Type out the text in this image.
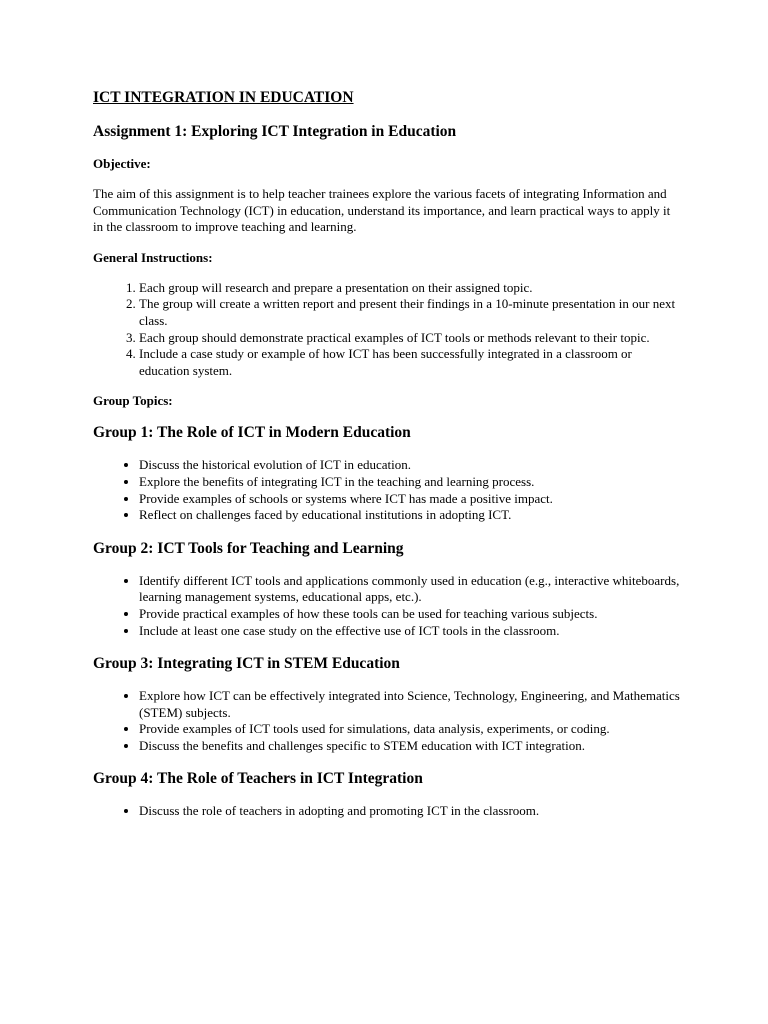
ICT INTEGRATION IN EDUCATION

Assignment 1: Exploring ICT Integration in Education

Objective:

The aim of this assignment is to help teacher trainees explore the various facets of integrating Information and Communication Technology (ICT) in education, understand its importance, and learn practical ways to apply it in the classroom to improve teaching and learning.

General Instructions:

1. Each group will research and prepare a presentation on their assigned topic.
2. The group will create a written report and present their findings in a 10-minute presentation in our next class.
3. Each group should demonstrate practical examples of ICT tools or methods relevant to their topic.
4. Include a case study or example of how ICT has been successfully integrated in a classroom or education system.

Group Topics:

Group 1: The Role of ICT in Modern Education

• Discuss the historical evolution of ICT in education.
• Explore the benefits of integrating ICT in the teaching and learning process.
• Provide examples of schools or systems where ICT has made a positive impact.
• Reflect on challenges faced by educational institutions in adopting ICT.

Group 2: ICT Tools for Teaching and Learning

• Identify different ICT tools and applications commonly used in education (e.g., interactive whiteboards, learning management systems, educational apps, etc.).
• Provide practical examples of how these tools can be used for teaching various subjects.
• Include at least one case study on the effective use of ICT tools in the classroom.

Group 3: Integrating ICT in STEM Education

• Explore how ICT can be effectively integrated into Science, Technology, Engineering, and Mathematics (STEM) subjects.
• Provide examples of ICT tools used for simulations, data analysis, experiments, or coding.
• Discuss the benefits and challenges specific to STEM education with ICT integration.

Group 4: The Role of Teachers in ICT Integration

• Discuss the role of teachers in adopting and promoting ICT in the classroom.
